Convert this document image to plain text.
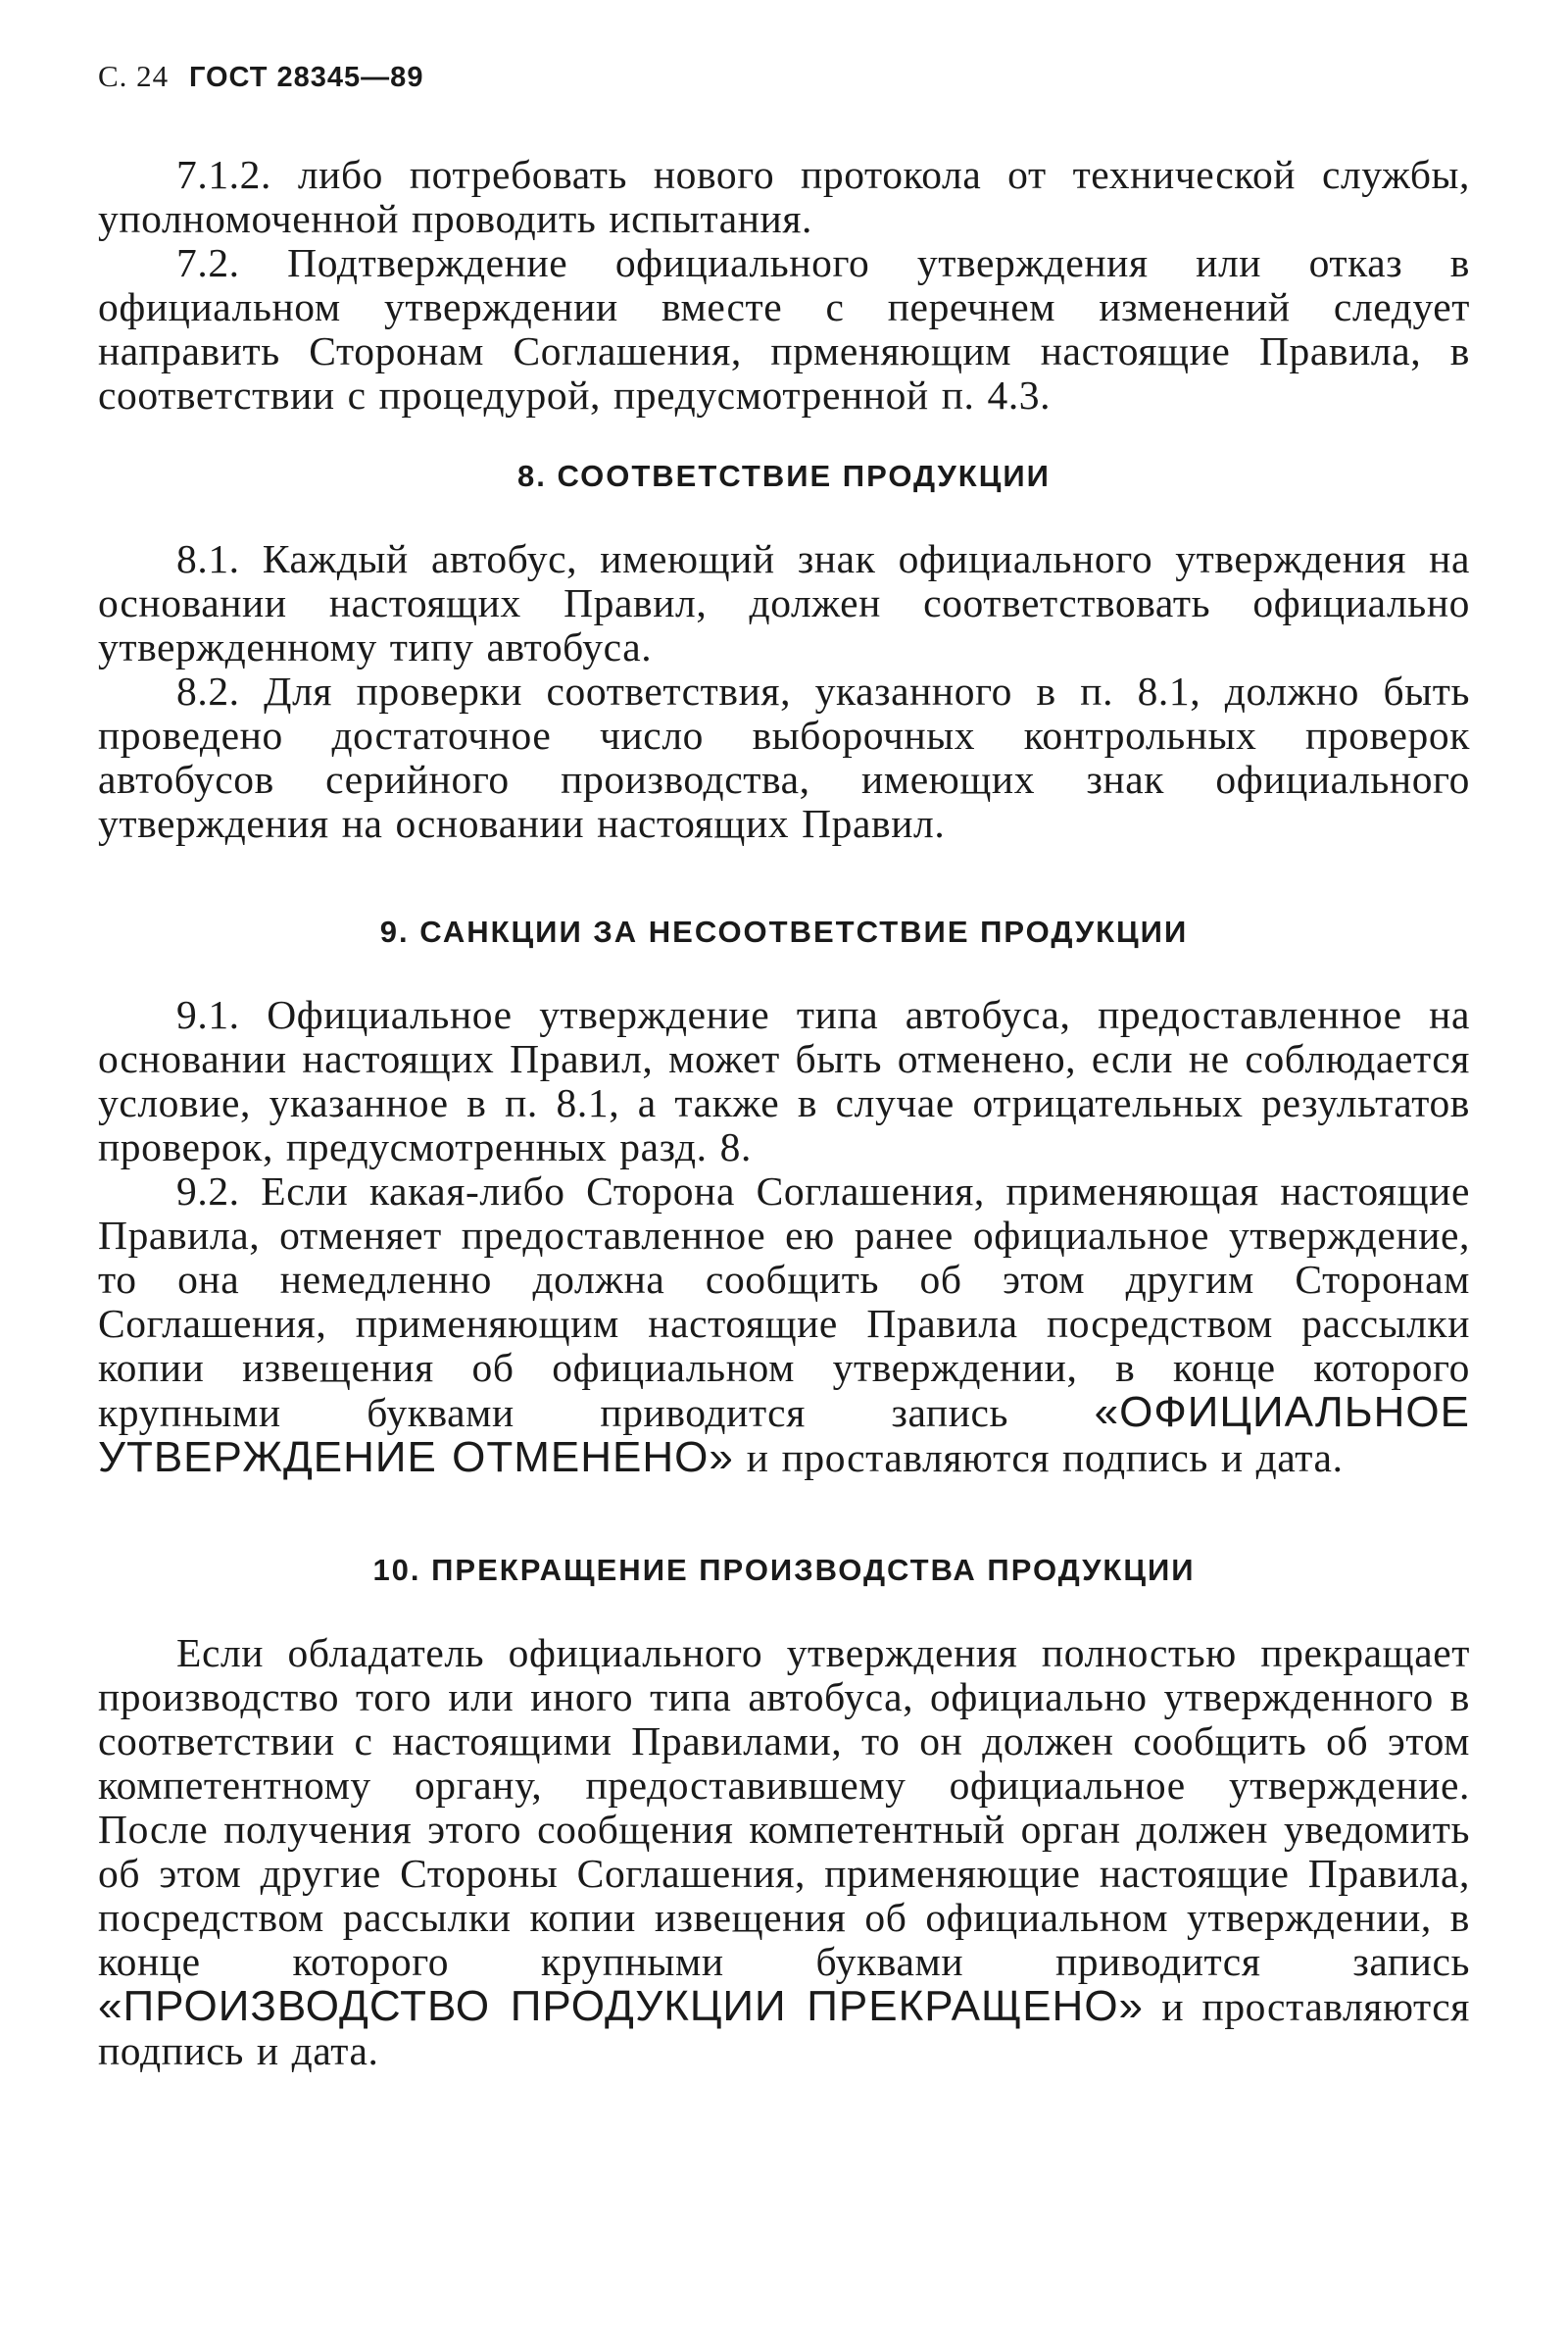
С. 24 ГОСТ 28345—89

7.1.2. либо потребовать нового протокола от технической службы, уполномоченной проводить испытания.

7.2. Подтверждение официального утверждения или отказ в официальном утверждении вместе с перечнем изменений следует направить Сторонам Соглашения, прменяющим настоящие Правила, в соответствии с процедурой, предусмотренной п. 4.3.

8. СООТВЕТСТВИЕ ПРОДУКЦИИ

8.1. Каждый автобус, имеющий знак официального утверждения на основании настоящих Правил, должен соответствовать официально утвержденному типу автобуса.

8.2. Для проверки соответствия, указанного в п. 8.1, должно быть проведено достаточное число выборочных контрольных проверок автобусов серийного производства, имеющих знак официального утверждения на основании настоящих Правил.

9. САНКЦИИ ЗА НЕСООТВЕТСТВИЕ ПРОДУКЦИИ

9.1. Официальное утверждение типа автобуса, предоставленное на основании настоящих Правил, может быть отменено, если не соблюдается условие, указанное в п. 8.1, а также в случае отрицательных результатов проверок, предусмотренных разд. 8.

9.2. Если какая-либо Сторона Соглашения, применяющая настоящие Правила, отменяет предоставленное ею ранее официальное утверждение, то она немедленно должна сообщить об этом другим Сторонам Соглашения, применяющим настоящие Правила посредством рассылки копии извещения об официальном утверждении, в конце которого крупными буквами приводится запись «ОФИЦИАЛЬНОЕ УТВЕРЖДЕНИЕ ОТМЕНЕНО» и проставляются подпись и дата.

10. ПРЕКРАЩЕНИЕ ПРОИЗВОДСТВА ПРОДУКЦИИ

Если обладатель официального утверждения полностью прекращает производство того или иного типа автобуса, официально утвержденного в соответствии с настоящими Правилами, то он должен сообщить об этом компетентному органу, предоставившему официальное утверждение. После получения этого сообщения компетентный орган должен уведомить об этом другие Стороны Соглашения, применяющие настоящие Правила, посредством рассылки копии извещения об официальном утверждении, в конце которого крупными буквами приводится запись «ПРОИЗВОДСТВО ПРОДУКЦИИ ПРЕКРАЩЕНО» и проставляются подпись и дата.
